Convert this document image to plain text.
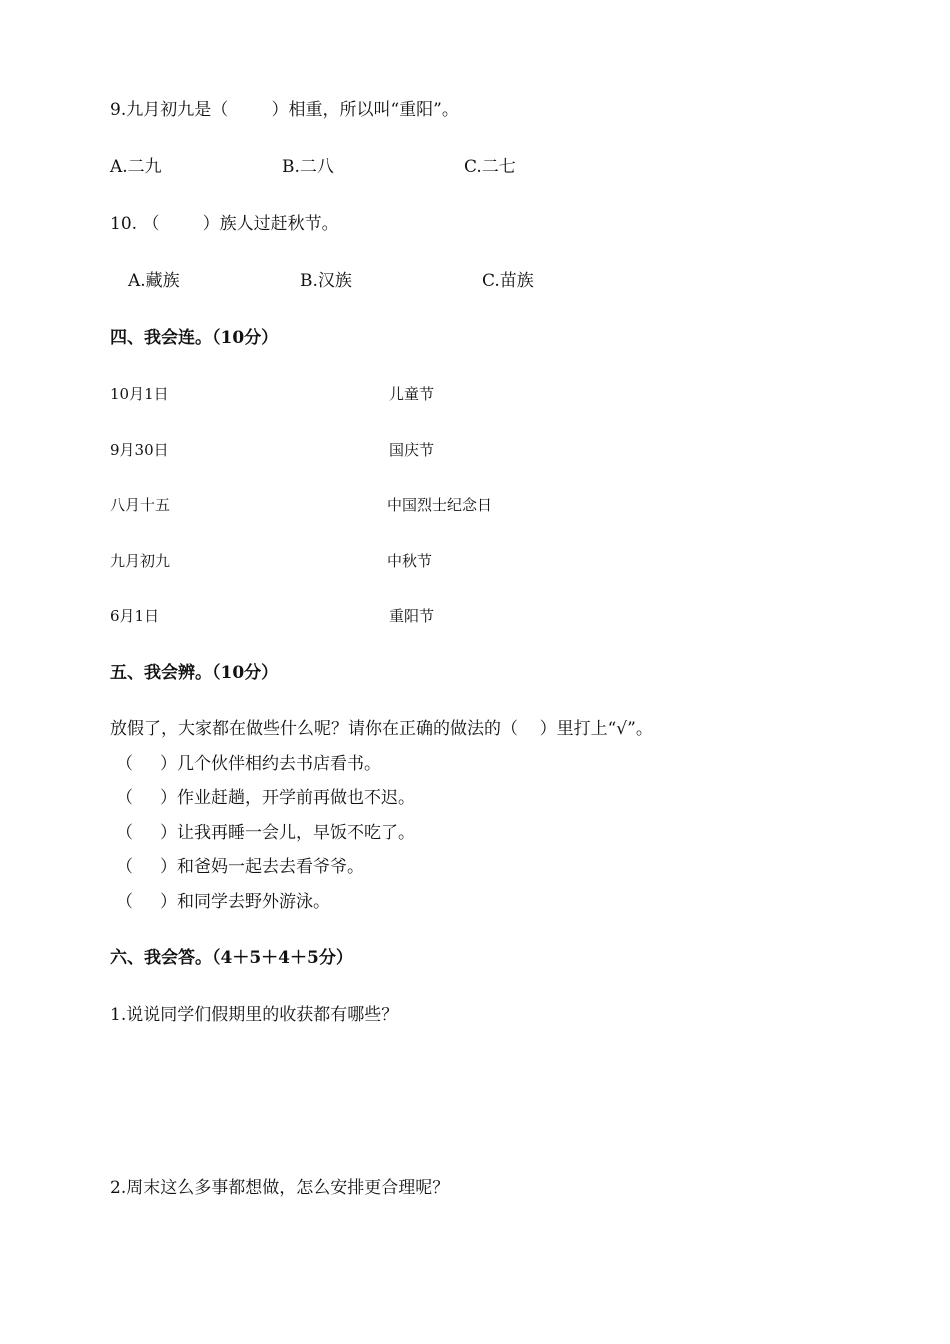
9.九月初九是（        ）相重，所以叫“重阳”。
A.二九	B.二八	C.二七
10. （        ）族人过赶秋节。
A.藏族	B.汉族	C.苗族
四、我会连。（10分）
10月1日	儿童节
9月30日	国庆节
八月十五	中国烈士纪念日
九月初九	中秋节
6月1日	重阳节
五、我会辨。（10分）
放假了，大家都在做些什么呢？请你在正确的做法的（    ）里打上“√”。
（     ）几个伙伴相约去书店看书。
（     ）作业赶趟，开学前再做也不迟。
（     ）让我再睡一会儿，早饭不吃了。
（     ）和爸妈一起去去看爷爷。
（     ）和同学去野外游泳。
六、我会答。（4＋5＋4＋5分）
1.说说同学们假期里的收获都有哪些？
2.周末这么多事都想做，怎么安排更合理呢？
